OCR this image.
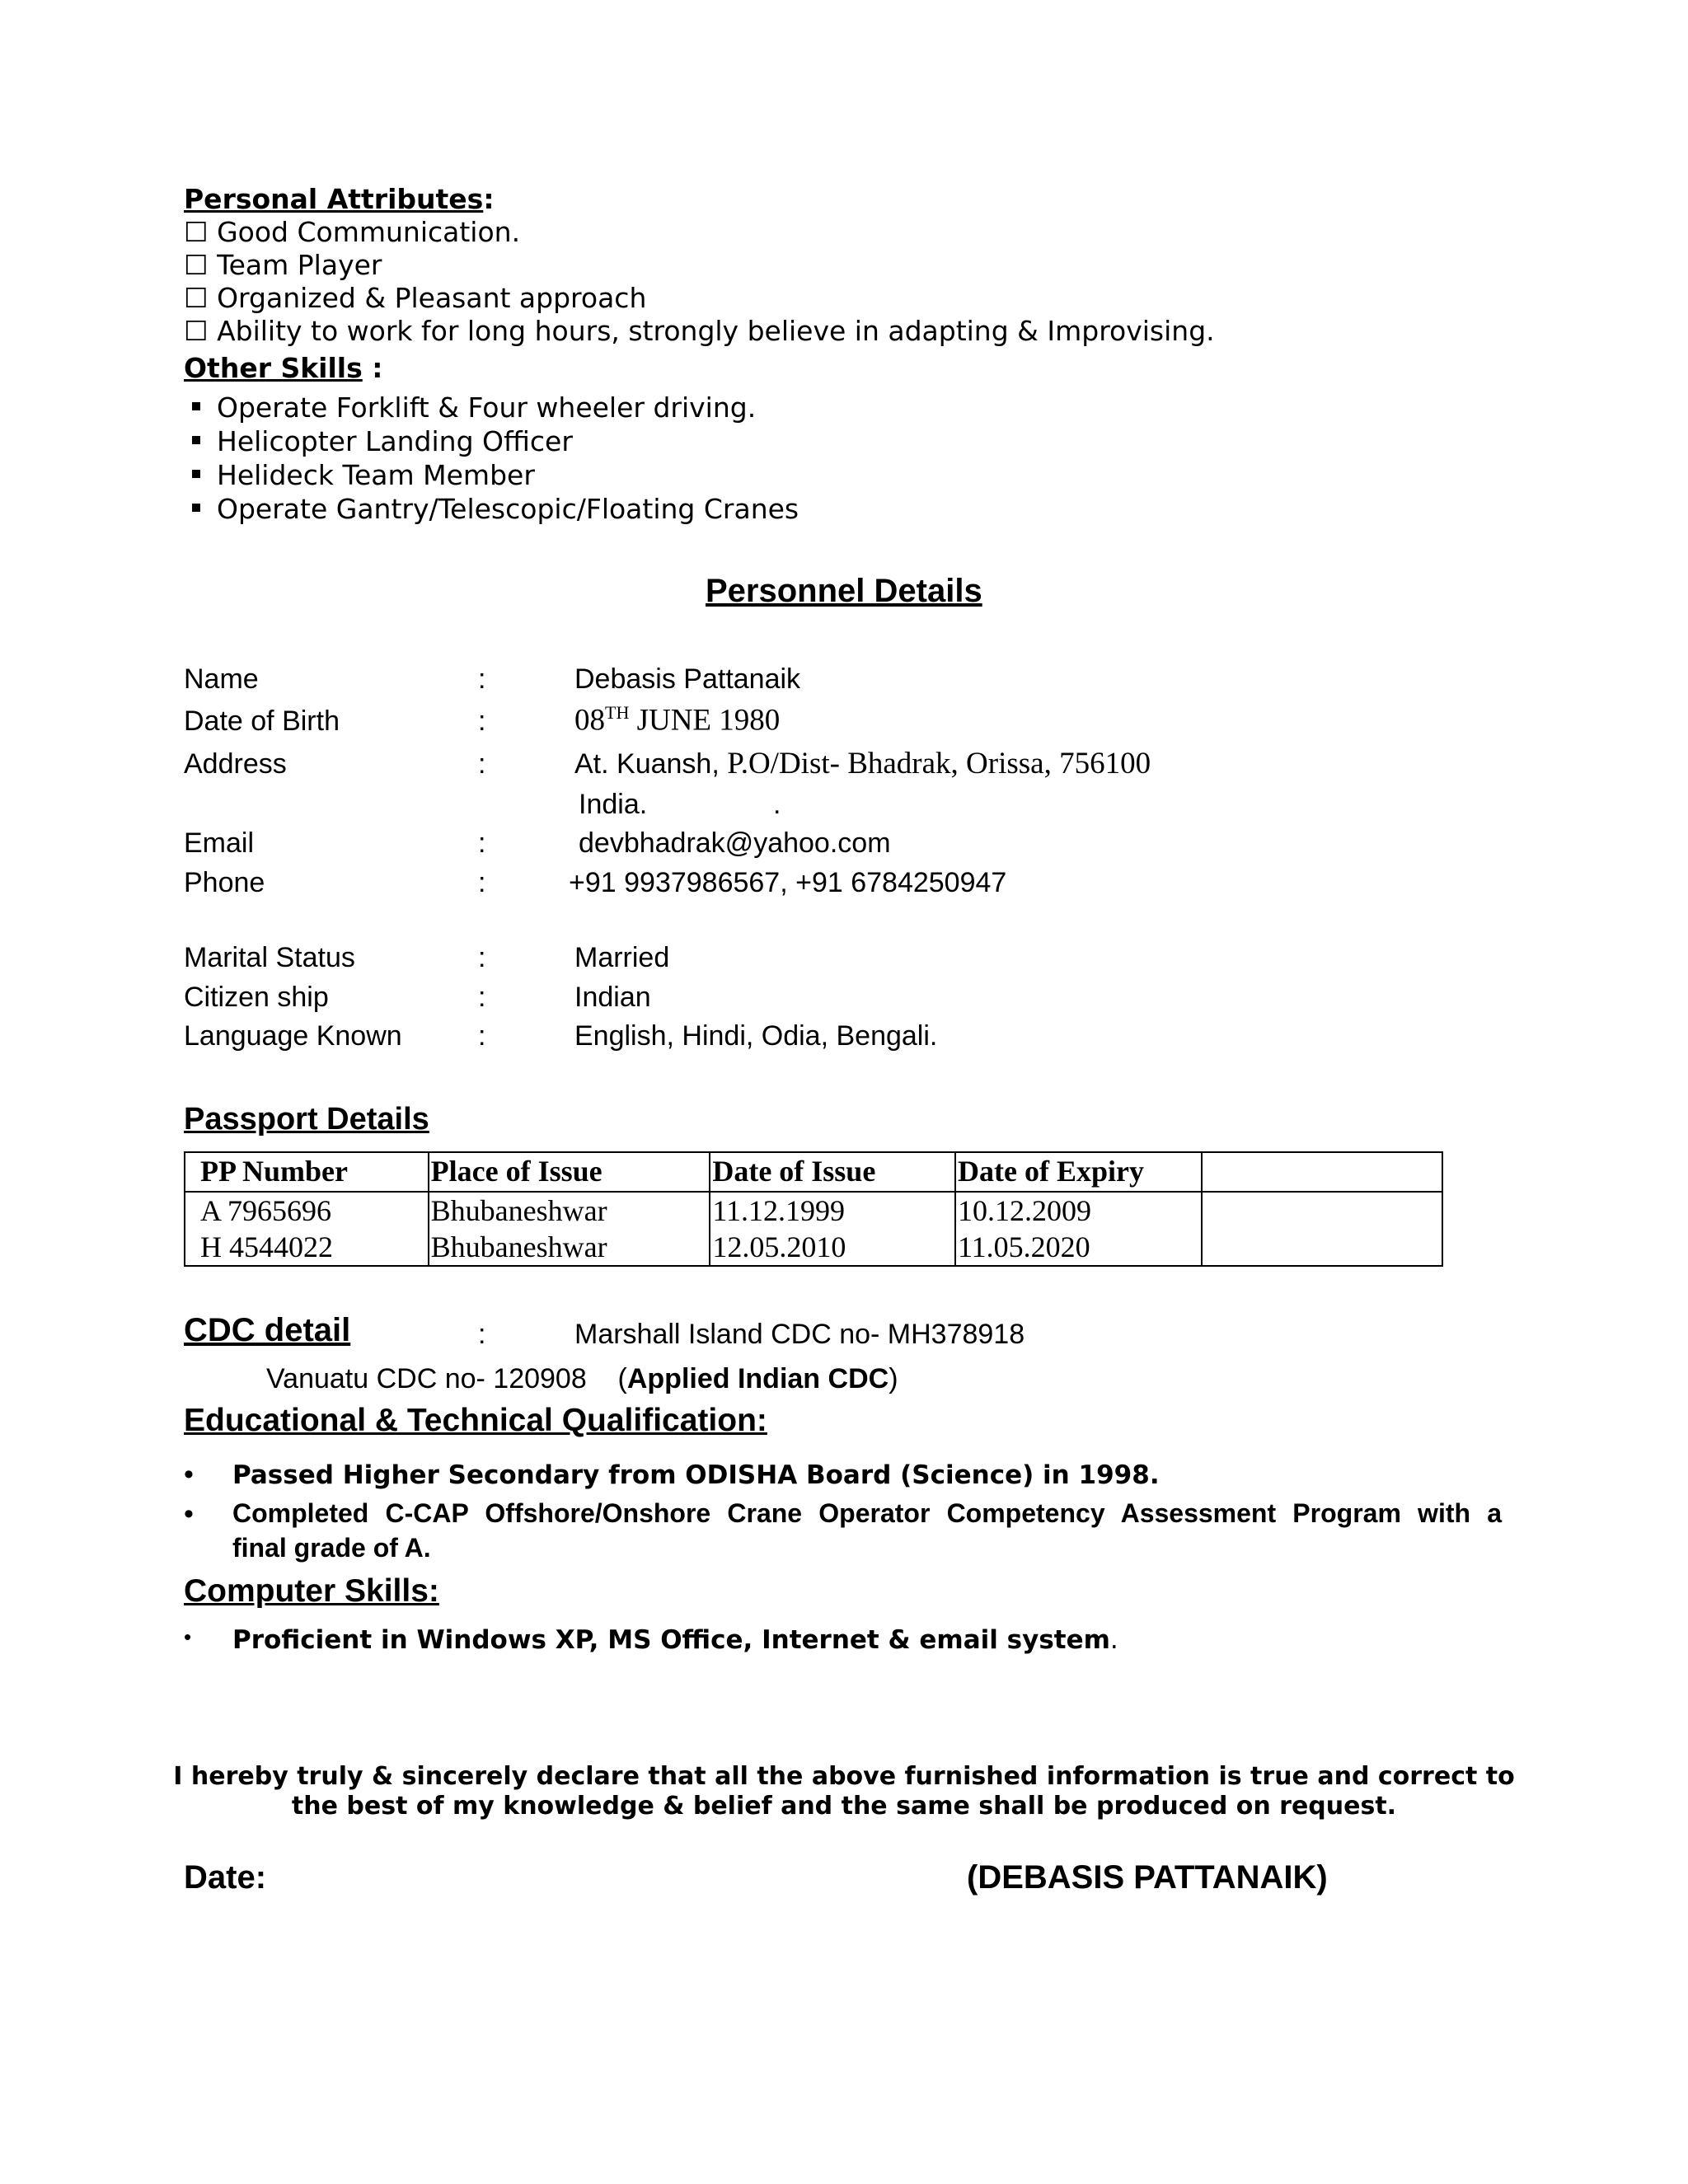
Personal Attributes:
☐ Good Communication.
☐ Team Player
☐ Organized & Pleasant approach
☐ Ability to work for long hours, strongly believe in adapting & Improvising.
Other Skills :
Operate Forklift & Four wheeler driving.
Helicopter Landing Officer
Helideck Team Member
Operate Gantry/Telescopic/Floating Cranes
Personnel Details
Name	:	Debasis Pattanaik
Date of Birth	:	08TH JUNE 1980
Address	:	At. Kuansh, P.O/Dist- Bhadrak, Orissa, 756100
India.	.
Email	:	devbhadrak@yahoo.com
Phone	:	+91 9937986567, +91 6784250947
Marital Status	:	Married
Citizen ship	:	Indian
Language Known	:	English, Hindi, Odia, Bengali.
Passport Details
PP Number	Place of Issue	Date of Issue	Date of Expiry	
A 7965696	Bhubaneshwar	11.12.1999	10.12.2009	
H 4544022	Bhubaneshwar	12.05.2010	11.05.2020	
CDC detail	:	Marshall Island CDC no- MH378918
Vanuatu CDC no- 120908    (Applied Indian CDC)
Educational & Technical Qualification:
• Passed Higher Secondary from ODISHA Board (Science) in 1998.
• Completed C-CAP Offshore/Onshore Crane Operator Competency Assessment Program with a
final grade of A.
Computer Skills:
• Proficient in Windows XP, MS Office, Internet & email system.
I hereby truly & sincerely declare that all the above furnished information is true and correct to
the best of my knowledge & belief and the same shall be produced on request.
Date:	(DEBASIS PATTANAIK)
